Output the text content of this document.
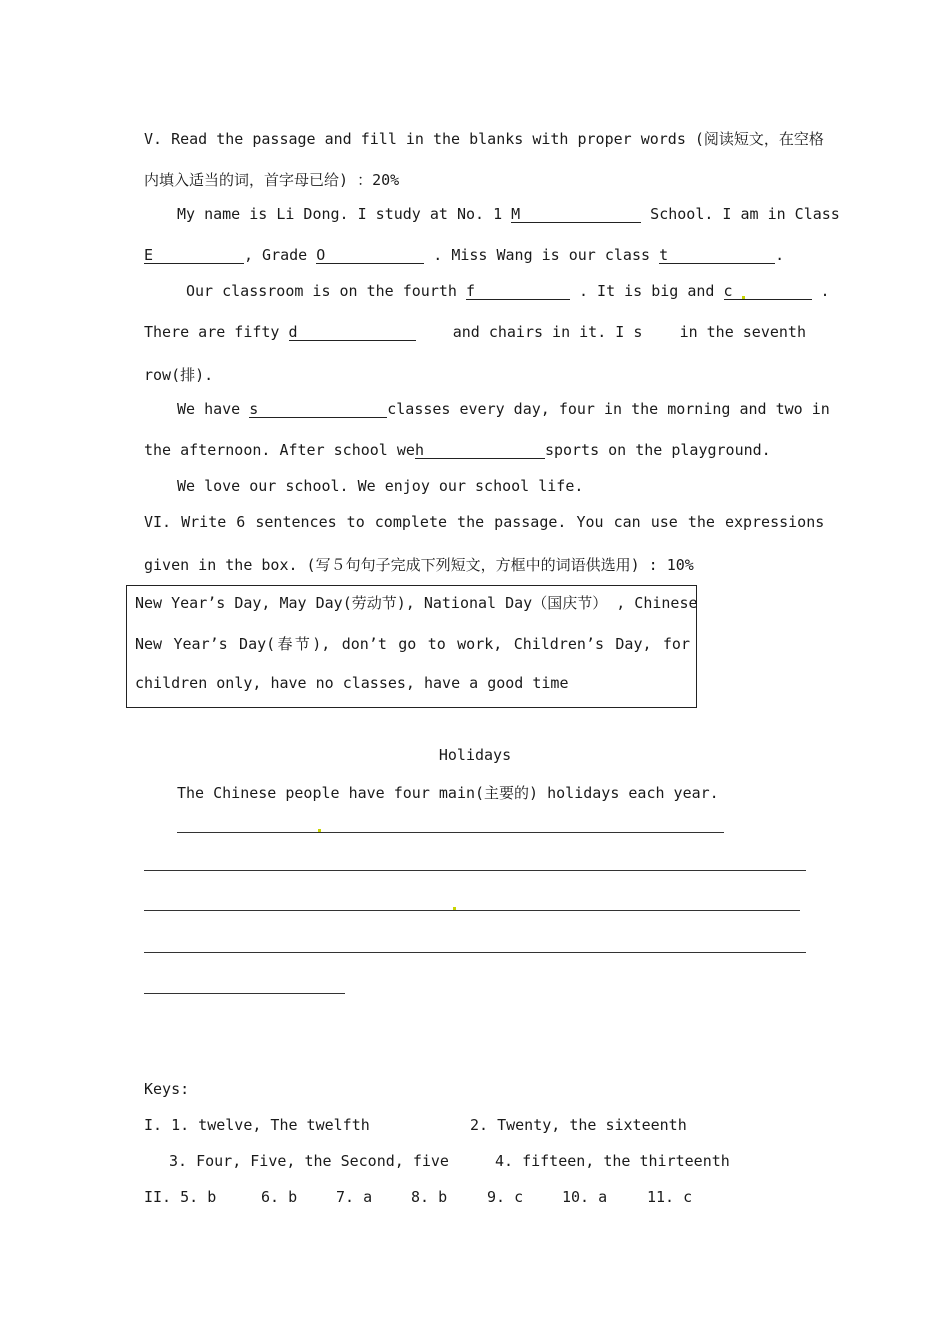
V. Read the passage and fill in the blanks with proper words (阅读短文，在空格
内填入适当的词，首字母已给) ：20%
My name is Li Dong. I study at No. 1 M	School. I am in Class
E	, Grade O	. Miss Wang is our class t	.
Our classroom is on the fourth f	. It is big and c	.
There are fifty d	and chairs in it. I s in the seventh
row(排).
We have s	classes every day, four in the morning and two in
the afternoon. After school weh	sports on the playground.
We love our school. We enjoy our school life.
VI. Write 6 sentences to complete the passage. You can use the expressions
given in the box. (写５句句子完成下列短文，方框中的词语供选用) : 10%
New Year’s Day, May Day(劳动节), National Day（国庆节） , Chinese
New Year’s Day(春节), don’t go to work, Children’s Day, for
children only, have no classes, have a good time
Holidays
The Chinese people have four main(主要的) holidays each year.
Keys:
I. 1. twelve, The twelfth	2. Twenty, the sixteenth
3. Four, Five, the Second, five	4. fifteen, the thirteenth
II. 5. b	6. b	7. a	8. b	9. c	10. a	11. c
